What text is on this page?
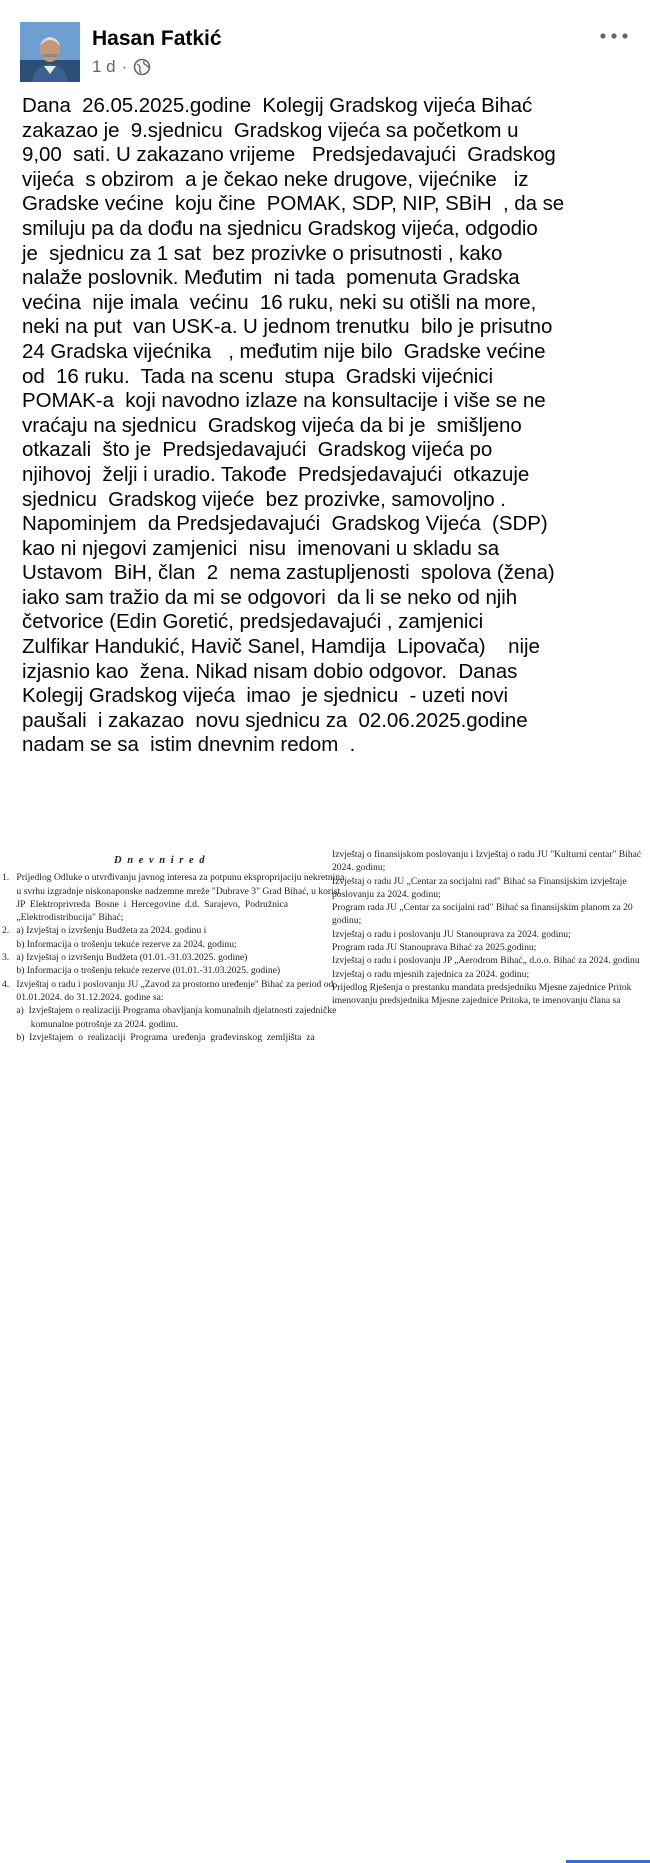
Hasan Fatkić
1 d ·
Dana  26.05.2025.godine  Kolegij Gradskog vijeća Bihać
zakazao je  9.sjednicu  Gradskog vijeća sa početkom u
9,00  sati. U zakazano vrijeme   Predsjedavajući  Gradskog
vijeća  s obzirom  a je čekao neke drugove, vijećnike   iz
Gradske većine  koju čine  POMAK, SDP, NIP, SBiH  , da se
smiluju pa da dođu na sjednicu Gradskog vijeća, odgodio
je  sjednicu za 1 sat  bez prozivke o prisutnosti , kako
nalaže poslovnik. Međutim  ni tada  pomenuta Gradska
većina  nije imala  većinu  16 ruku, neki su otišli na more,
neki na put  van USK-a. U jednom trenutku  bilo je prisutno
24 Gradska vijećnika   , međutim nije bilo  Gradske većine
od  16 ruku.  Tada na scenu  stupa  Gradski vijećnici
POMAK-a  koji navodno izlaze na konsultacije i više se ne
vraćaju na sjednicu  Gradskog vijeća da bi je  smišljeno
otkazali  što je  Predsjedavajući  Gradskog vijeća po
njihovoj  želji i uradio. Takođe  Predsjedavajući  otkazuje
sjednicu  Gradskog vijeće  bez prozivke, samovoljno .
Napominjem  da Predsjedavajući  Gradskog Vijeća  (SDP)
kao ni njegovi zamjenici  nisu  imenovani u skladu sa
Ustavom  BiH, član  2  nema zastupljenosti  spolova (žena)
iako sam tražio da mi se odgovori  da li se neko od njih
četvorice (Edin Goretić, predsjedavajući , zamjenici
Zulfikar Handukić, Havič Sanel, Hamdija  Lipovača)    nije
izjasnio kao  žena. Nikad nisam dobio odgovor.  Danas
Kolegij Gradskog vijeća  imao  je sjednicu  - uzeti novi
paušali  i zakazao  novu sjednicu za  02.06.2025.godine
nadam se sa  istim dnevnim redom  .
D n e v n i r e d
1.   Prijedlog Odluke o utvrđivanju javnog interesa za potpunu eksproprijaciju nekretnina
u svrhu izgradnje niskonaponske nadzemne mreže "Dubrave 3" Grad Bihać, u korist
JP  Elektroprivreda  Bosne  i  Hercegovine  d.d.  Sarajevo,  Podružnica
„Elektrodistribucija" Bihać;
2.   a) Izvještaj o izvršenju Budžeta za 2024. godinu i
b) Informacija o trošenju tekuće rezerve za 2024. godinu;
3.   a) Izvještaj o izvršenju Budžeta (01.01.-31.03.2025. godine)
b) Informacija o trošenju tekuće rezerve (01.01.-31.03.2025. godine)
4.   Izvještaj o radu i poslovanju JU „Zavod za prostorno uređenje" Bihać za period od
01.01.2024. do 31.12.2024. godine sa:
a)  Izvještajem o realizaciji Programa obavljanja komunalnih djelatnosti zajedničke
komunalne potrošnje za 2024. godinu.
b)  Izvještajem  o  realizaciji  Programa  uređenja  građevinskog  zemljišta  za
Izvještaj o finansijskom poslovanju i Izvještaj o radu JU "Kulturni centar" Bihać
2024. godinu;
Izvještaj o radu JU „Centar za socijalni rad" Bihać sa Finansijskim izvještaje
poslovanju za 2024. godinu;
Program rada JU „Centar za socijalni rad" Bihać sa finansijskim planom za 20
godinu;
Izvještaj o radu i poslovanju JU Stanoupravа za 2024. godinu;
Program rada JU Stanouprava Bihać za 2025.godinu;
Izvještaj o radu i poslovanju JP „Aerodrom Bihać„ d.o.o. Bihać za 2024. godinu
Izvještaj o radu mjesnih zajednica za 2024. godinu;
Prijedlog Rješenja o prestanku mandata predsjedniku Mjesne zajednice Pritok
imenovanju predsjednika Mjesne zajednice Pritoka, te imenovanju člana sa
